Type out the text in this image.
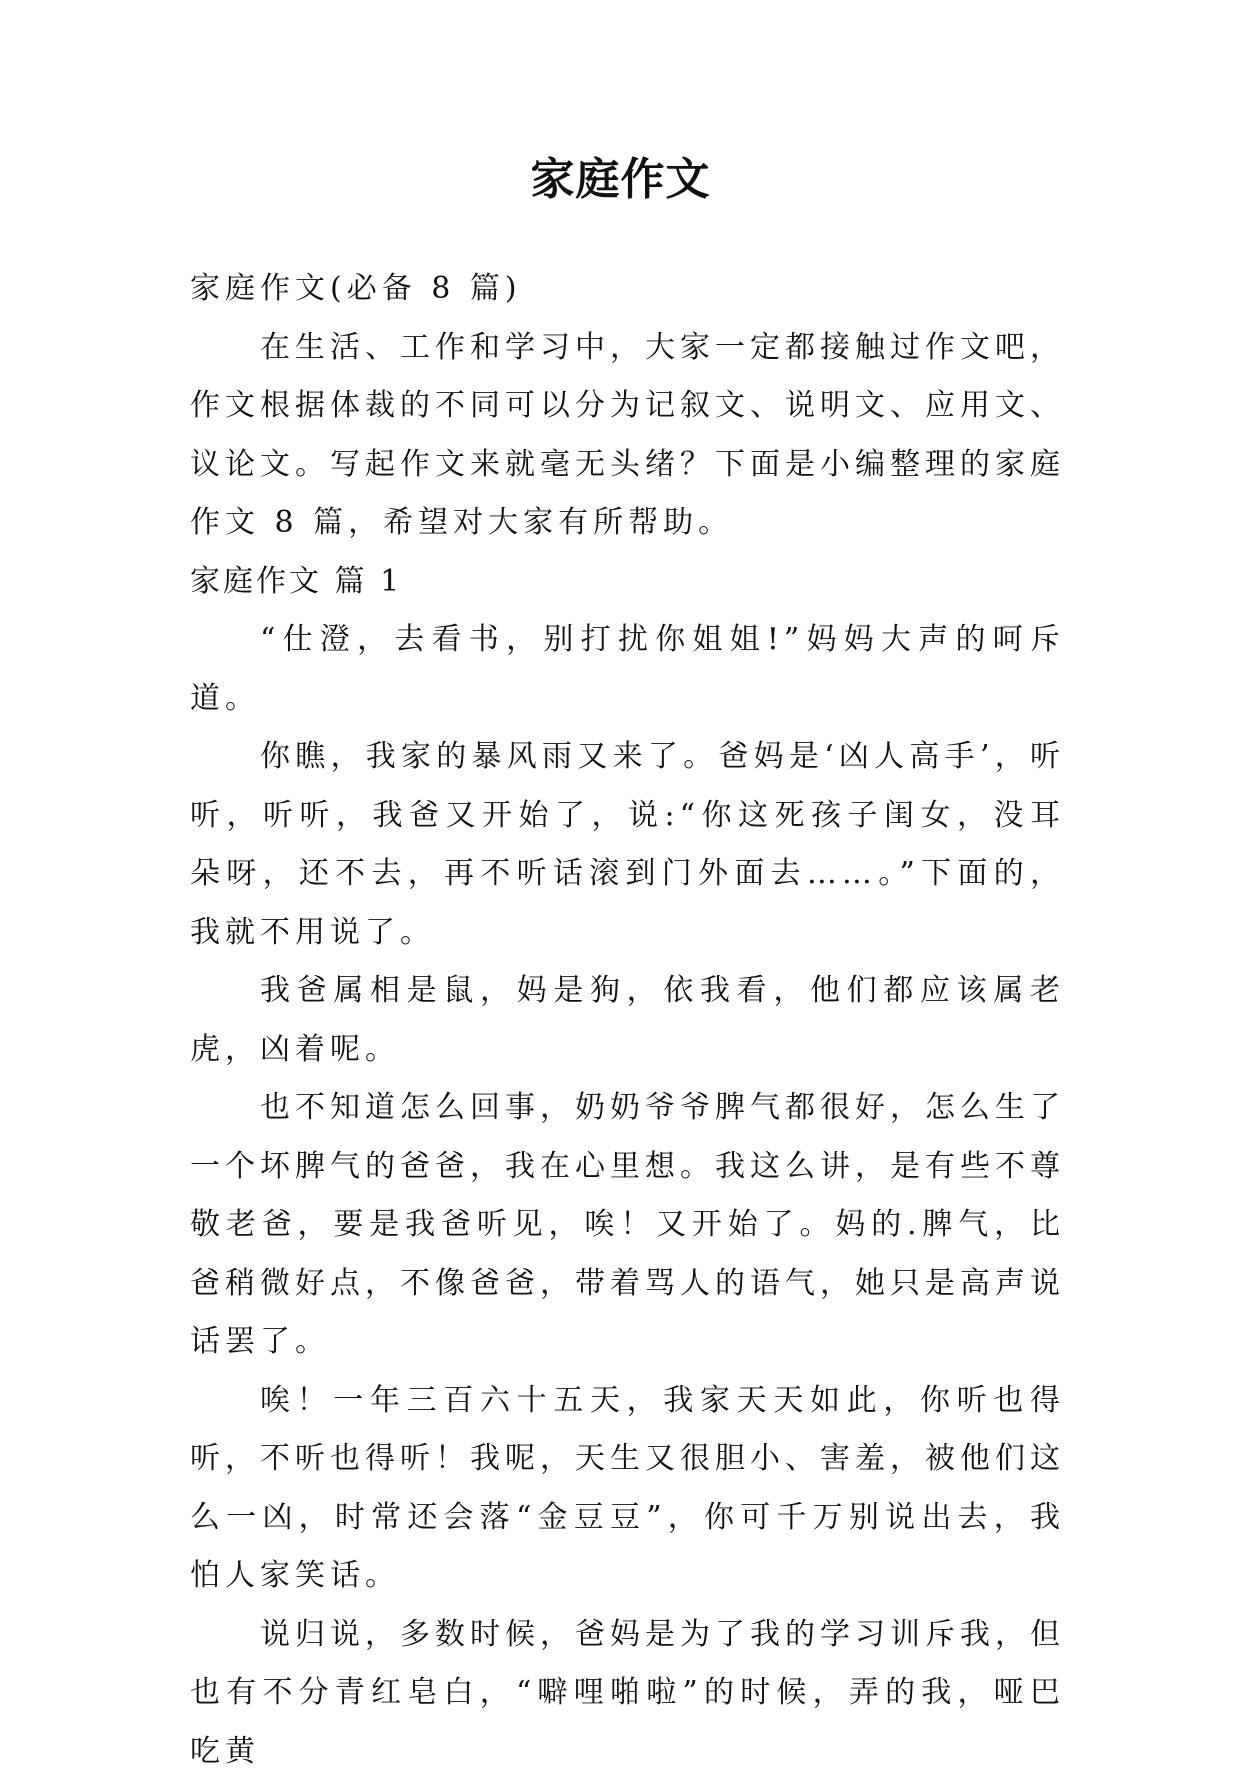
家庭作文

家庭作文(必备 8 篇)

在生活、工作和学习中，大家一定都接触过作文吧，作文根据体裁的不同可以分为记叙文、说明文、应用文、议论文。写起作文来就毫无头绪？下面是小编整理的家庭作文 8 篇，希望对大家有所帮助。

家庭作文 篇 1

“仕澄，去看书，别打扰你姐姐!”妈妈大声的呵斥道。

你瞧，我家的暴风雨又来了。爸妈是‘凶人高手’，听听，听听，我爸又开始了，说:“你这死孩子闺女，没耳朵呀，还不去，再不听话滚到门外面去……。”下面的，我就不用说了。

我爸属相是鼠，妈是狗，依我看，他们都应该属老虎，凶着呢。

也不知道怎么回事，奶奶爷爷脾气都很好，怎么生了一个坏脾气的爸爸，我在心里想。我这么讲，是有些不尊敬老爸，要是我爸听见，唉！又开始了。妈的.脾气，比爸稍微好点，不像爸爸，带着骂人的语气，她只是高声说话罢了。

唉！一年三百六十五天，我家天天如此，你听也得听，不听也得听！我呢，天生又很胆小、害羞，被他们这么一凶，时常还会落“金豆豆”，你可千万别说出去，我怕人家笑话。

说归说，多数时候，爸妈是为了我的学习训斥我，但也有不分青红皂白，“噼哩啪啦”的时候，弄的我，哑巴 吃黄
